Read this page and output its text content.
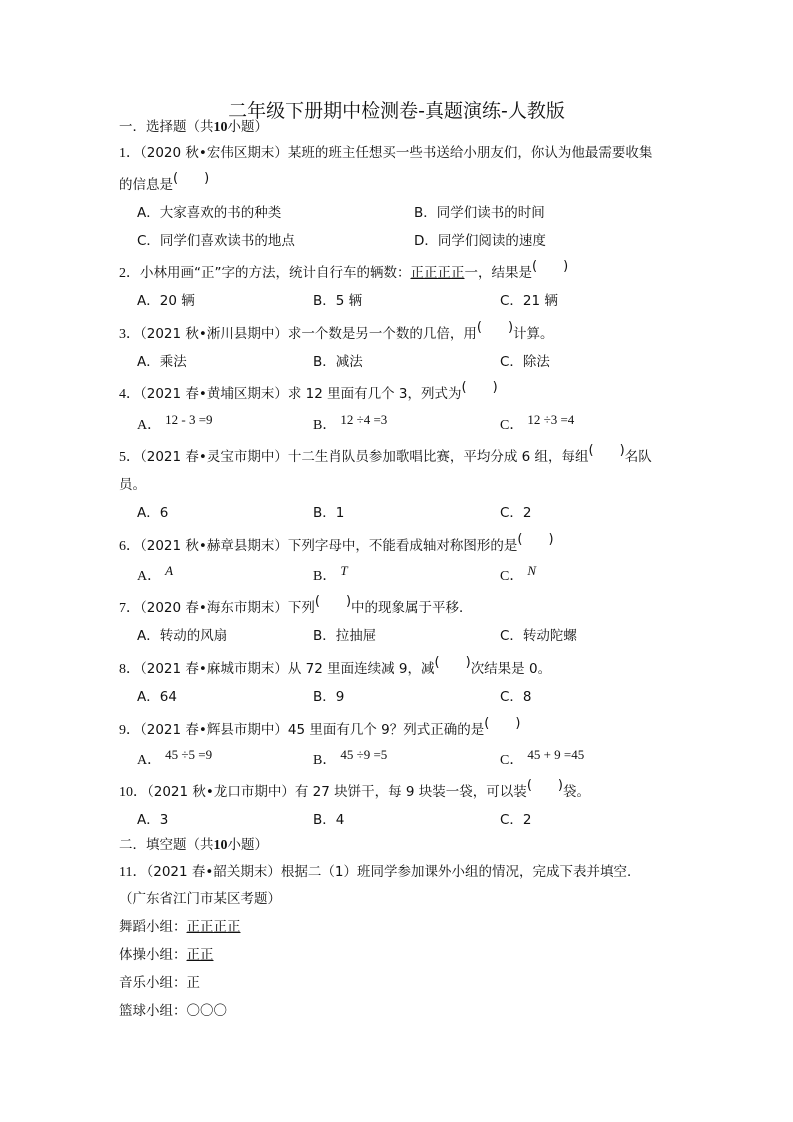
二年级下册期中检测卷-真题演练-人教版
一．选择题（共10小题）
1．（2020 秋•宏伟区期末）某班的班主任想买一些书送给小朋友们，你认为他最需要收集
的信息是( )
A．大家喜欢的书的种类	B．同学们读书的时间
C．同学们喜欢读书的地点	D．同学们阅读的速度
2．小林用画“正”字的方法，统计自行车的辆数：正正正正一，结果是( )
A．20 辆	B．5 辆	C．21 辆
3．（2021 秋•淅川县期中）求一个数是另一个数的几倍，用( )计算。
A．乘法	B．减法	C．除法
4．（2021 春•黄埔区期末）求 12 里面有几个 3，列式为( )
A． 12 - 3 =9	B． 12 ÷4 =3	C． 12 ÷3 =4
5．（2021 春•灵宝市期中）十二生肖队员参加歌唱比赛，平均分成 6 组，每组( )名队
员。
A．6	B．1	C．2
6．（2021 秋•赫章县期末）下列字母中，不能看成轴对称图形的是( )
A． A	B． T	C． N
7．（2020 春•海东市期末）下列( )中的现象属于平移．
A．转动的风扇	B．拉抽屉	C．转动陀螺
8．（2021 春•麻城市期末）从 72 里面连续减 9，减( )次结果是 0。
A．64	B．9	C．8
9．（2021 春•辉县市期中）45 里面有几个 9？列式正确的是( )
A． 45 ÷5 =9	B． 45 ÷9 =5	C． 45 + 9 =45
10．（2021 秋•龙口市期中）有 27 块饼干，每 9 块装一袋，可以装( )袋。
A．3	B．4	C．2
二．填空题（共10小题）
11．（2021 春•韶关期末）根据二（1）班同学参加课外小组的情况，完成下表并填空．
（广东省江门市某区考题）
舞蹈小组：正正正正
体操小组：正正
音乐小组：正
篮球小组：〇〇〇
